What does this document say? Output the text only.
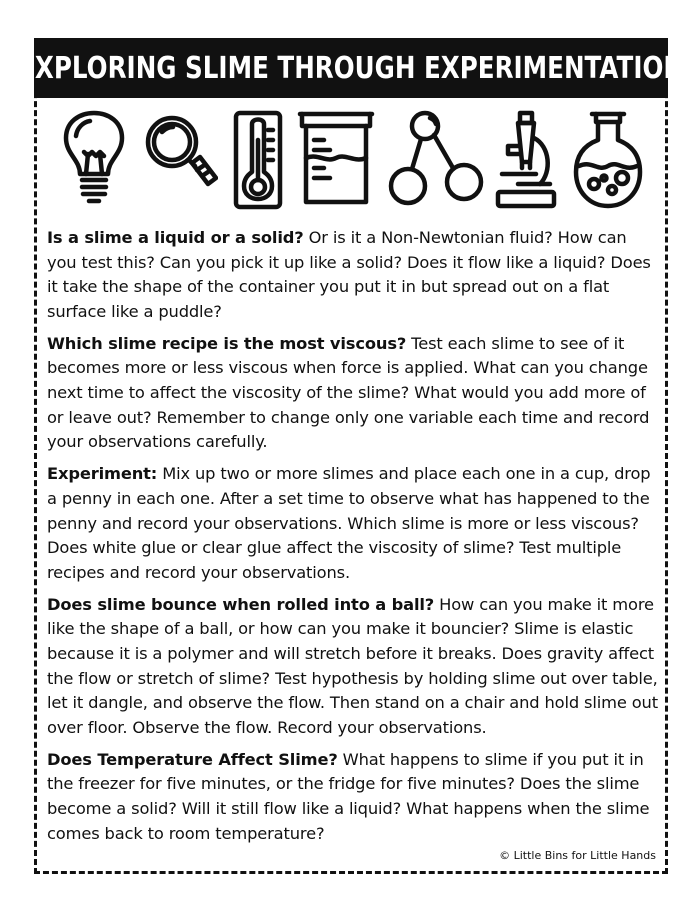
EXPLORING SLIME THROUGH EXPERIMENTATION

Is a slime a liquid or a solid? Or is it a Non-Newtonian fluid? How can you test this? Can you pick it up like a solid? Does it flow like a liquid? Does it take the shape of the container you put it in but spread out on a flat surface like a puddle?

Which slime recipe is the most viscous? Test each slime to see of it becomes more or less viscous when force is applied. What can you change next time to affect the viscosity of the slime? What would you add more of or leave out? Remember to change only one variable each time and record your observations carefully.

Experiment: Mix up two or more slimes and place each one in a cup, drop a penny in each one. After a set time to observe what has happened to the penny and record your observations. Which slime is more or less viscous? Does white glue or clear glue affect the viscosity of slime? Test multiple recipes and record your observations.

Does slime bounce when rolled into a ball? How can you make it more like the shape of a ball, or how can you make it bouncier? Slime is elastic because it is a polymer and will stretch before it breaks. Does gravity affect the flow or stretch of slime? Test hypothesis by holding slime out over table, let it dangle, and observe the flow. Then stand on a chair and hold slime out over floor. Observe the flow. Record your observations.

Does Temperature Affect Slime? What happens to slime if you put it in the freezer for five minutes, or the fridge for five minutes? Does the slime become a solid? Will it still flow like a liquid? What happens when the slime comes back to room temperature?

© Little Bins for Little Hands
